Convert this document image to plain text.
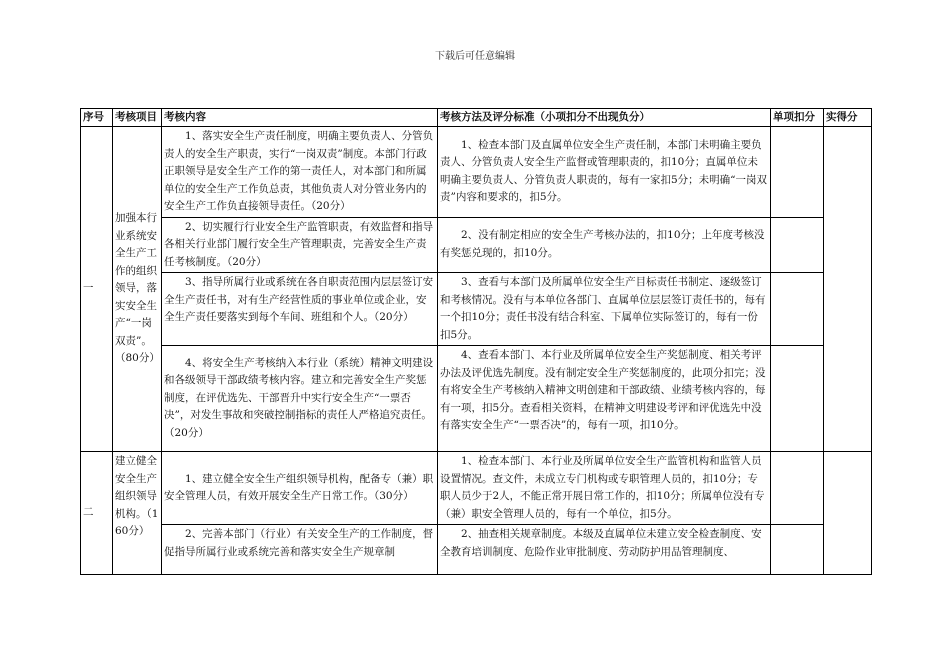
下载后可任意编辑
序号	考核项目	考核内容	考核方法及评分标准（小项扣分不出现负分）	单项扣分	实得分
一	加强本行业系统安全生产工作的组织领导，落实安全生产“一岗双责”。（80分）	1、落实安全生产责任制度，明确主要负责人、分管负责人的安全生产职责，实行“一岗双责”制度。本部门行政正职领导是安全生产工作的第一责任人，对本部门和所属单位的安全生产工作负总责，其他负责人对分管业务内的安全生产工作负直接领导责任。（20分）	1、检查本部门及直属单位安全生产责任制，本部门未明确主要负责人、分管负责人安全生产监督或管理职责的，扣10分；直属单位未明确主要负责人、分管负责人职责的，每有一家扣5分；未明确“一岗双责”内容和要求的，扣5分。		
		2、切实履行行业安全生产监管职责，有效监督和指导各相关行业部门履行安全生产管理职责，完善安全生产责任考核制度。（20分）	2、没有制定相应的安全生产考核办法的，扣10分；上年度考核没有奖惩兑现的，扣10分。		
		3、指导所属行业或系统在各自职责范围内层层签订安全生产责任书，对有生产经营性质的事业单位或企业，安全生产责任要落实到每个车间、班组和个人。（20分）	3、查看与本部门及所属单位安全生产目标责任书制定、逐级签订和考核情况。没有与本单位各部门、直属单位层层签订责任书的，每有一个扣10分；责任书没有结合科室、下属单位实际签订的，每有一份扣5分。		
		4、将安全生产考核纳入本行业（系统）精神文明建设和各级领导干部政绩考核内容。建立和完善安全生产奖惩制度，在评优选先、干部晋升中实行安全生产“一票否决”，对发生事故和突破控制指标的责任人严格追究责任。（20分）	4、查看本部门、本行业及所属单位安全生产奖惩制度、相关考评办法及评优选先制度。没有制定安全生产奖惩制度的，此项分扣完；没有将安全生产考核纳入精神文明创建和干部政绩、业绩考核内容的，每有一项，扣5分。查看相关资料，在精神文明建设考评和评优选先中没有落实安全生产“一票否决”的，每有一项，扣10分。		
二	建立健全安全生产组织领导机构。（160分）	1、建立健全安全生产组织领导机构，配备专（兼）职安全管理人员，有效开展安全生产日常工作。（30分）	1、检查本部门、本行业及所属单位安全生产监管机构和监管人员设置情况。查文件，未成立专门机构或专职管理人员的，扣10分；专职人员少于2人，不能正常开展日常工作的，扣10分；所属单位没有专（兼）职安全管理人员的，每有一个单位，扣5分。		
		2、完善本部门（行业）有关安全生产的工作制度，督促指导所属行业或系统完善和落实安全生产规章制	2、抽查相关规章制度。本级及直属单位未建立安全检查制度、安全教育培训制度、危险作业审批制度、劳动防护用品管理制度、		
